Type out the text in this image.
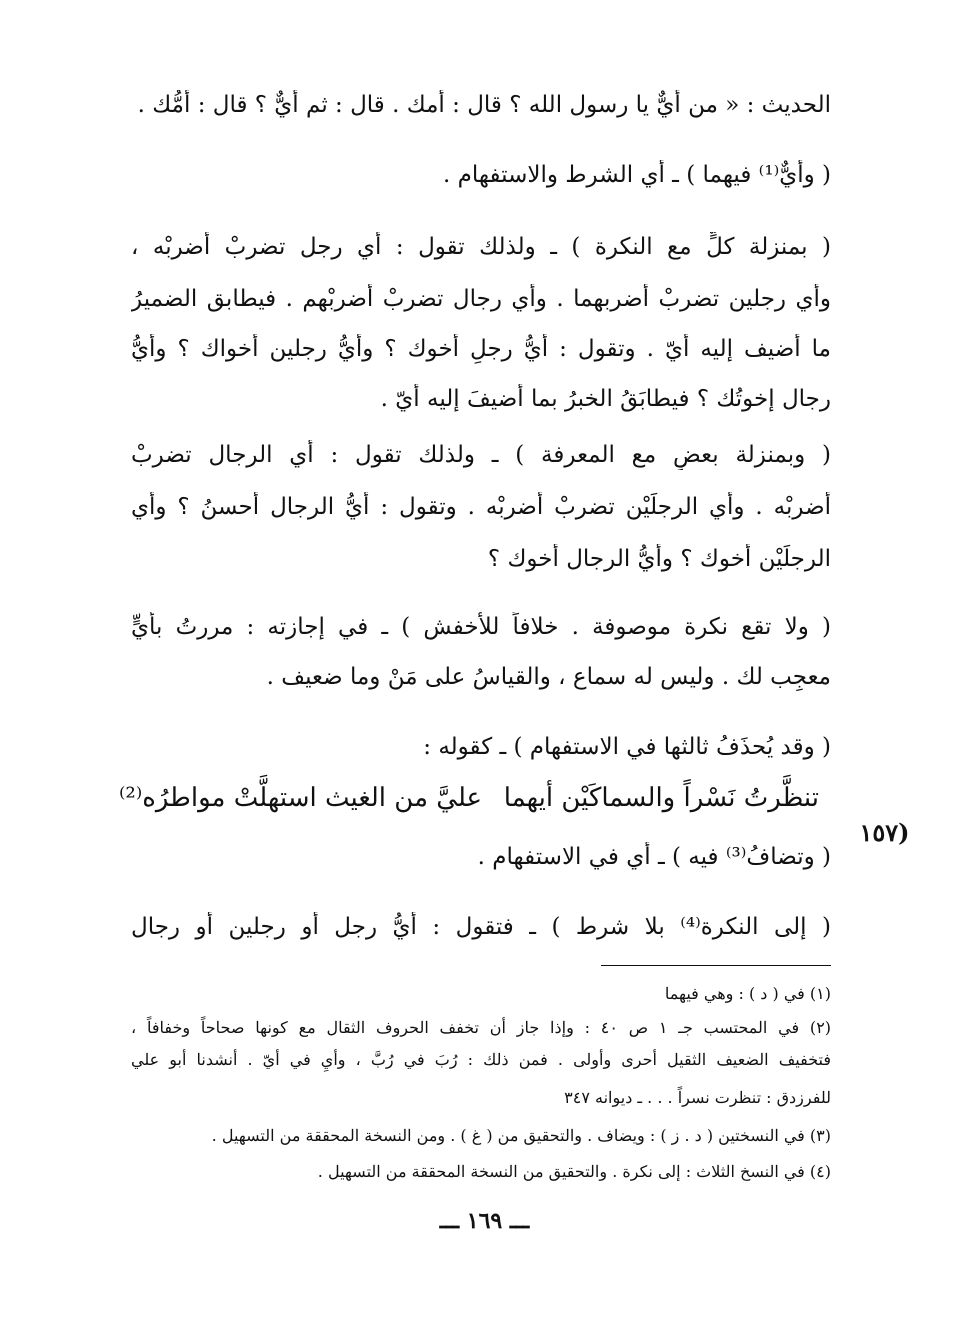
الحديث : « من أيٌّ يا رسول الله ؟ قال : أمك . قال : ثم أيٌّ ؟ قال : أمُّك .
( وأيٌّ⁽¹⁾ فيهما ) ـ أي الشرط والاستفهام .
( بمنزلة كلٍّ مع النكرة ) ـ ولذلك تقول : أي رجل تضربْ أضربْه ،
وأي رجلين تضربْ أضربهما . وأي رجال تضربْ أضربْهم . فيطابق الضميرُ
ما أضيف إليه أيّ . وتقول : أيُّ رجلٍ أخوك ؟ وأيُّ رجلين أخواك ؟ وأيُّ
رجال إخوتُك ؟ فيطابَقُ الخبرُ بما أضيفَ إليه أيّ .
( وبمنزلة بعضٍ مع المعرفة ) ـ ولذلك تقول : أي الرجال تضربْ
أضربْه . وأي الرجلَيْن تضربْ أضربْه . وتقول : أيُّ الرجال أحسنُ ؟ وأي
الرجلَيْن أخوك ؟ وأيُّ الرجال أخوك ؟
( ولا تقع نكرة موصوفة . خلافاً للأخفش ) ـ في إجازته : مررتُ بأيٍّ
معجِب لك . وليس له سماع ، والقياسُ على مَنْ وما ضعيف .
( وقد يُحذَفُ ثالثها في الاستفهام ) ـ كقوله :
(١٥٧
تنظَّرتُ نَسْراً والسماكَيْن أيهما
عليَّ من الغيث استهلَّتْ مواطرُه⁽²⁾
( وتضافُ⁽³⁾ فيه ) ـ أي في الاستفهام .
( إلى النكرة⁽⁴⁾ بلا شرط ) ـ فتقول : أيُّ رجل أو رجلين أو رجال
(١) في ( د ) : وهي فيهما
(٢) في المحتسب جـ ١ ص ٤٠ : وإذا جاز أن تخفف الحروف الثقال مع كونها صحاحاً وخفافاً ،
فتخفيف الضعيف الثقيل أحرى وأولى . فمن ذلك : رُبَ في رُبَّ ، وأيِ في أيّ . أنشدنا أبو علي
للفرزدق : تنظرت نسراً . . . ـ ديوانه ٣٤٧
(٣) في النسختين ( د . ز ) : ويضاف . والتحقيق من ( غ ) . ومن النسخة المحققة من التسهيل .
(٤) في النسخ الثلاث : إلى نكرة . والتحقيق من النسخة المحققة من التسهيل .
ـــ ١٦٩ ـــ
